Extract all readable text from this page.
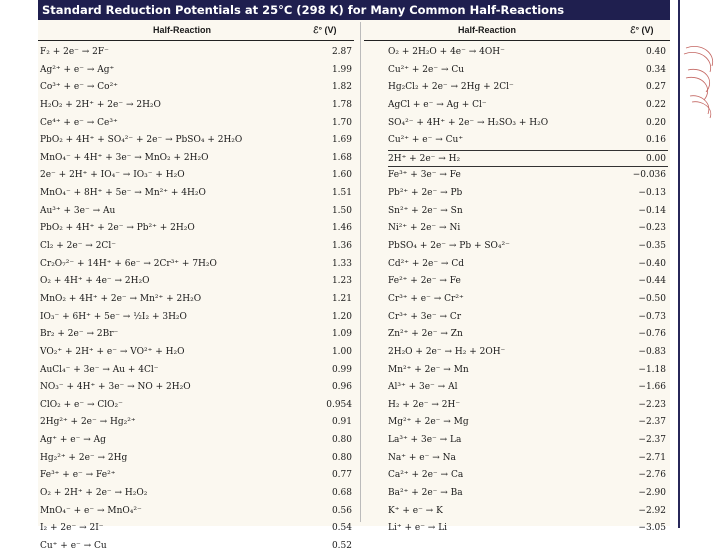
Standard Reduction Potentials at 25°C (298 K) for Many Common Half-Reactions
Half-Reaction	ℰ° (V)	Half-Reaction	ℰ° (V)
F₂ + 2e⁻ → 2F⁻	2.87
Ag²⁺ + e⁻ → Ag⁺	1.99
Co³⁺ + e⁻ → Co²⁺	1.82
H₂O₂ + 2H⁺ + 2e⁻ → 2H₂O	1.78
Ce⁴⁺ + e⁻ → Ce³⁺	1.70
PbO₂ + 4H⁺ + SO₄²⁻ + 2e⁻ → PbSO₄ + 2H₂O	1.69
MnO₄⁻ + 4H⁺ + 3e⁻ → MnO₂ + 2H₂O	1.68
2e⁻ + 2H⁺ + IO₄⁻ → IO₃⁻ + H₂O	1.60
MnO₄⁻ + 8H⁺ + 5e⁻ → Mn²⁺ + 4H₂O	1.51
Au³⁺ + 3e⁻ → Au	1.50
PbO₂ + 4H⁺ + 2e⁻ → Pb²⁺ + 2H₂O	1.46
Cl₂ + 2e⁻ → 2Cl⁻	1.36
Cr₂O₇²⁻ + 14H⁺ + 6e⁻ → 2Cr³⁺ + 7H₂O	1.33
O₂ + 4H⁺ + 4e⁻ → 2H₂O	1.23
MnO₂ + 4H⁺ + 2e⁻ → Mn²⁺ + 2H₂O	1.21
IO₃⁻ + 6H⁺ + 5e⁻ → ½I₂ + 3H₂O	1.20
Br₂ + 2e⁻ → 2Br⁻	1.09
VO₂⁺ + 2H⁺ + e⁻ → VO²⁺ + H₂O	1.00
AuCl₄⁻ + 3e⁻ → Au + 4Cl⁻	0.99
NO₃⁻ + 4H⁺ + 3e⁻ → NO + 2H₂O	0.96
ClO₂ + e⁻ → ClO₂⁻	0.954
2Hg²⁺ + 2e⁻ → Hg₂²⁺	0.91
Ag⁺ + e⁻ → Ag	0.80
Hg₂²⁺ + 2e⁻ → 2Hg	0.80
Fe³⁺ + e⁻ → Fe²⁺	0.77
O₂ + 2H⁺ + 2e⁻ → H₂O₂	0.68
MnO₄⁻ + e⁻ → MnO₄²⁻	0.56
I₂ + 2e⁻ → 2I⁻	0.54
Cu⁺ + e⁻ → Cu	0.52
O₂ + 2H₂O + 4e⁻ → 4OH⁻	0.40
Cu²⁺ + 2e⁻ → Cu	0.34
Hg₂Cl₂ + 2e⁻ → 2Hg + 2Cl⁻	0.27
AgCl + e⁻ → Ag + Cl⁻	0.22
SO₄²⁻ + 4H⁺ + 2e⁻ → H₂SO₃ + H₂O	0.20
Cu²⁺ + e⁻ → Cu⁺	0.16
2H⁺ + 2e⁻ → H₂	0.00
Fe³⁺ + 3e⁻ → Fe	−0.036
Pb²⁺ + 2e⁻ → Pb	−0.13
Sn²⁺ + 2e⁻ → Sn	−0.14
Ni²⁺ + 2e⁻ → Ni	−0.23
PbSO₄ + 2e⁻ → Pb + SO₄²⁻	−0.35
Cd²⁺ + 2e⁻ → Cd	−0.40
Fe²⁺ + 2e⁻ → Fe	−0.44
Cr³⁺ + e⁻ → Cr²⁺	−0.50
Cr³⁺ + 3e⁻ → Cr	−0.73
Zn²⁺ + 2e⁻ → Zn	−0.76
2H₂O + 2e⁻ → H₂ + 2OH⁻	−0.83
Mn²⁺ + 2e⁻ → Mn	−1.18
Al³⁺ + 3e⁻ → Al	−1.66
H₂ + 2e⁻ → 2H⁻	−2.23
Mg²⁺ + 2e⁻ → Mg	−2.37
La³⁺ + 3e⁻ → La	−2.37
Na⁺ + e⁻ → Na	−2.71
Ca²⁺ + 2e⁻ → Ca	−2.76
Ba²⁺ + 2e⁻ → Ba	−2.90
K⁺ + e⁻ → K	−2.92
Li⁺ + e⁻ → Li	−3.05
